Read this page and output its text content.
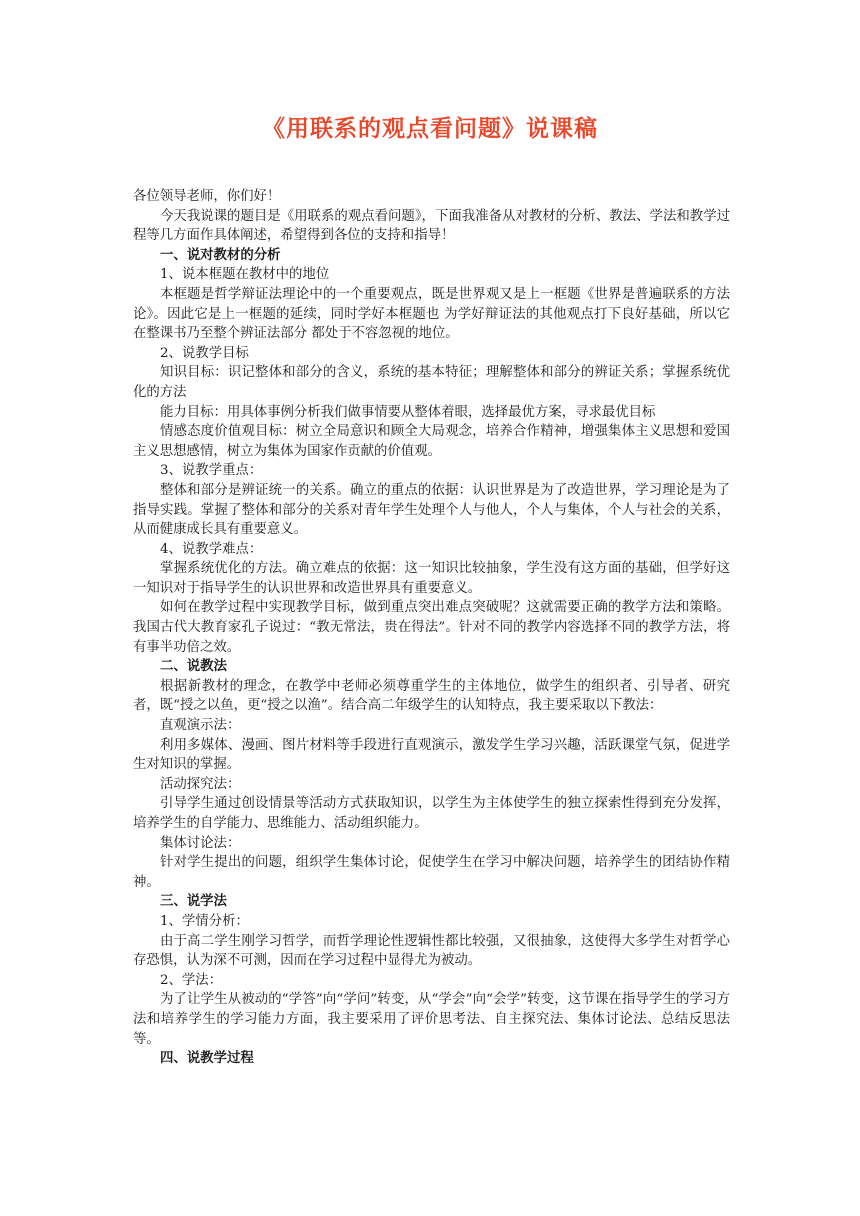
《用联系的观点看问题》说课稿

各位领导老师，你们好！

今天我说课的题目是《用联系的观点看问题》，下面我准备从对教材的分析、教法、学法和教学过程等几方面作具体阐述，希望得到各位的支持和指导！

一、说对教材的分析

1、说本框题在教材中的地位

本框题是哲学辩证法理论中的一个重要观点，既是世界观又是上一框题《世界是普遍联系的方法论》。因此它是上一框题的延续，同时学好本框题也 为学好辩证法的其他观点打下良好基础，所以它在整课书乃至整个辨证法部分 都处于不容忽视的地位。

2、说教学目标

知识目标：识记整体和部分的含义，系统的基本特征；理解整体和部分的辨证关系；掌握系统优化的方法

能力目标：用具体事例分析我们做事情要从整体着眼，选择最优方案，寻求最优目标

情感态度价值观目标：树立全局意识和顾全大局观念，培养合作精神，增强集体主义思想和爱国主义思想感情，树立为集体为国家作贡献的价值观。

3、说教学重点：

整体和部分是辨证统一的关系。确立的重点的依据：认识世界是为了改造世界，学习理论是为了指导实践。掌握了整体和部分的关系对青年学生处理个人与他人，个人与集体，个人与社会的关系，从而健康成长具有重要意义。

4、说教学难点：

掌握系统优化的方法。确立难点的依据：这一知识比较抽象，学生没有这方面的基础，但学好这一知识对于指导学生的认识世界和改造世界具有重要意义。

如何在教学过程中实现教学目标，做到重点突出难点突破呢？这就需要正确的教学方法和策略。我国古代大教育家孔子说过：“教无常法，贵在得法”。针对不同的教学内容选择不同的教学方法，将有事半功倍之效。

二、说教法

根据新教材的理念，在教学中老师必须尊重学生的主体地位，做学生的组织者、引导者、研究者，既“授之以鱼，更“授之以渔”。结合高二年级学生的认知特点，我主要采取以下教法：

直观演示法：

利用多媒体、漫画、图片材料等手段进行直观演示，激发学生学习兴趣，活跃课堂气氛，促进学生对知识的掌握。

活动探究法：

引导学生通过创设情景等活动方式获取知识，以学生为主体使学生的独立探索性得到充分发挥，培养学生的自学能力、思维能力、活动组织能力。

集体讨论法：

针对学生提出的问题，组织学生集体讨论，促使学生在学习中解决问题，培养学生的团结协作精神。

三、说学法

1、学情分析：

由于高二学生刚学习哲学，而哲学理论性逻辑性都比较强，又很抽象，这使得大多学生对哲学心存恐惧，认为深不可测，因而在学习过程中显得尤为被动。

2、学法：

为了让学生从被动的“学答”向“学问”转变，从“学会”向“会学”转变，这节课在指导学生的学习方法和培养学生的学习能力方面，我主要采用了评价思考法、自主探究法、集体讨论法、总结反思法等。

四、说教学过程
